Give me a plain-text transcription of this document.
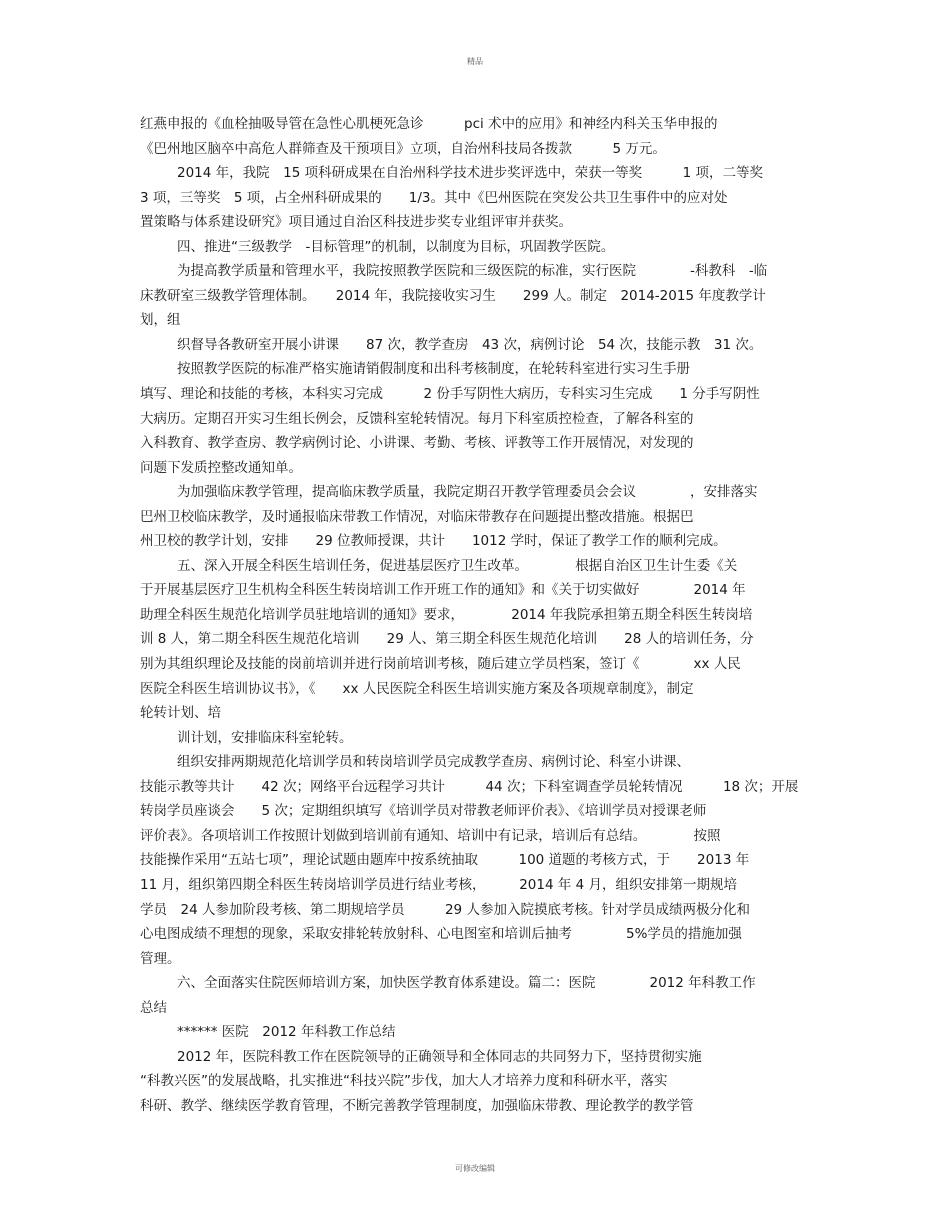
精品
红燕申报的《血栓抽吸导管在急性心肌梗死急诊　　　pci 术中的应用》和神经内科关玉华申报的
《巴州地区脑卒中高危人群筛查及干预项目》立项，自治州科技局各拨款　　　5 万元。
2014 年，我院　15 项科研成果在自治州科学技术进步奖评选中，荣获一等奖　　　1 项，二等奖
3 项，三等奖　5 项，占全州科研成果的　　1/3。其中《巴州医院在突发公共卫生事件中的应对处
置策略与体系建设研究》项目通过自治区科技进步奖专业组评审并获奖。
四、推进“三级教学　-目标管理”的机制，以制度为目标，巩固教学医院。
为提高教学质量和管理水平，我院按照教学医院和三级医院的标准，实行医院　　　　-科教科　-临
床教研室三级教学管理体制。　　2014 年，我院接收实习生　　299 人。制定　2014-2015 年度教学计
划，组
织督导各教研室开展小讲课　　87 次，教学查房　43 次，病例讨论　54 次，技能示教　31 次。
按照教学医院的标准严格实施请销假制度和出科考核制度，在轮转科室进行实习生手册
填写、理论和技能的考核，本科实习完成　　　2 份手写阴性大病历，专科实习生完成　　1 分手写阴性
大病历。定期召开实习生组长例会，反馈科室轮转情况。每月下科室质控检查，了解各科室的
入科教育、教学查房、教学病例讨论、小讲课、考勤、考核、评教等工作开展情况，对发现的
问题下发质控整改通知单。
为加强临床教学管理，提高临床教学质量，我院定期召开教学管理委员会会议　　　　，安排落实
巴州卫校临床教学，及时通报临床带教工作情况，对临床带教存在问题提出整改措施。根据巴
州卫校的教学计划，安排　　29 位教师授课，共计　　1012 学时，保证了教学工作的顺利完成。
五、深入开展全科医生培训任务，促进基层医疗卫生改革。　　　　根据自治区卫生计生委《关
于开展基层医疗卫生机构全科医生转岗培训工作开班工作的通知》和《关于切实做好　　　　2014 年
助理全科医生规范化培训学员驻地培训的通知》要求，　　　　2014 年我院承担第五期全科医生转岗培
训 8 人，第二期全科医生规范化培训　　29 人、第三期全科医生规范化培训　　28 人的培训任务，分
别为其组织理论及技能的岗前培训并进行岗前培训考核，随后建立学员档案，签订《　　　　xx 人民
医院全科医生培训协议书》，《　　xx 人民医院全科医生培训实施方案及各项规章制度》，制定
轮转计划、培
训计划，安排临床科室轮转。
组织安排两期规范化培训学员和转岗培训学员完成教学查房、病例讨论、科室小讲课、
技能示教等共计　　42 次；网络平台远程学习共计　　　44 次；下科室调查学员轮转情况　　　18 次；开展
转岗学员座谈会　　5 次；定期组织填写《培训学员对带教老师评价表》、《培训学员对授课老师
评价表》。各项培训工作按照计划做到培训前有通知、培训中有记录，培训后有总结。　　　　按照
技能操作采用“五站七项”，理论试题由题库中按系统抽取　　　100 道题的考核方式，于　　2013 年
11 月，组织第四期全科医生转岗培训学员进行结业考核，　　　2014 年 4 月，组织安排第一期规培
学员　24 人参加阶段考核、第二期规培学员　　　29 人参加入院摸底考核。针对学员成绩两极分化和
心电图成绩不理想的现象，采取安排轮转放射科、心电图室和培训后抽考　　　　5%学员的措施加强
管理。
六、全面落实住院医师培训方案，加快医学教育体系建设。篇二：医院　　　　2012 年科教工作
总结
****** 医院　2012 年科教工作总结
2012 年，医院科教工作在医院领导的正确领导和全体同志的共同努力下，坚持贯彻实施
“科教兴医”的发展战略，扎实推进“科技兴院”步伐，加大人才培养力度和科研水平，落实
科研、教学、继续医学教育管理，不断完善教学管理制度，加强临床带教、理论教学的教学管
可修改编辑
